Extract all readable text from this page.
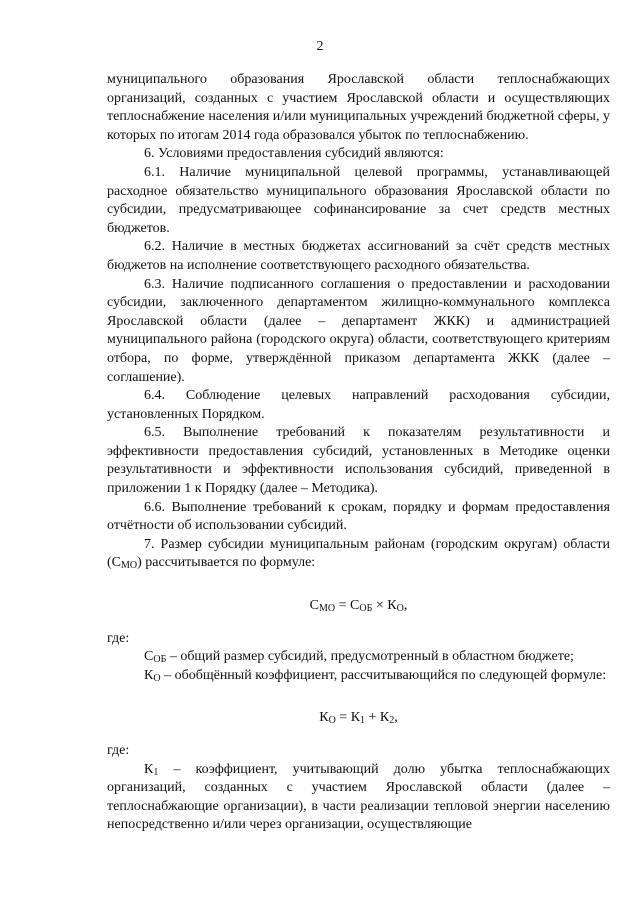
2

муниципального образования Ярославской области теплоснабжающих организаций, созданных с участием Ярославской области и осуществляющих теплоснабжение населения и/или муниципальных учреждений бюджетной сферы, у которых по итогам 2014 года образовался убыток по теплоснабжению.

6. Условиями предоставления субсидий являются:

6.1. Наличие муниципальной целевой программы, устанавливающей расходное обязательство муниципального образования Ярославской области по субсидии, предусматривающее софинансирование за счет средств местных бюджетов.

6.2. Наличие в местных бюджетах ассигнований за счёт средств местных бюджетов на исполнение соответствующего расходного обязательства.

6.3. Наличие подписанного соглашения о предоставлении и расходовании субсидии, заключенного департаментом жилищно-коммунального комплекса Ярославской области (далее – департамент ЖКК) и администрацией муниципального района (городского округа) области, соответствующего критериям отбора, по форме, утверждённой приказом департамента ЖКК (далее – соглашение).

6.4. Соблюдение целевых направлений расходования субсидии, установленных Порядком.

6.5. Выполнение требований к показателям результативности и эффективности предоставления субсидий, установленных в Методике оценки результативности и эффективности использования субсидий, приведенной в приложении 1 к Порядку (далее – Методика).

6.6. Выполнение требований к срокам, порядку и формам предоставления отчётности об использовании субсидий.

7. Размер субсидии муниципальным районам (городским округам) области $(С_{МО})$ рассчитывается по формуле:

$С_{МО} = С_{ОБ} \times К_О$,

где:

$С_{ОБ}$ – общий размер субсидий, предусмотренный в областном бюджете;

$К_О$ – обобщённый коэффициент, рассчитывающийся по следующей формуле:

$К_О = К_1 + К_2$,

где:

$К_1$ – коэффициент, учитывающий долю убытка теплоснабжающих организаций, созданных с участием Ярославской области (далее – теплоснабжающие организации), в части реализации тепловой энергии населению непосредственно и/или через организации, осуществляющие
